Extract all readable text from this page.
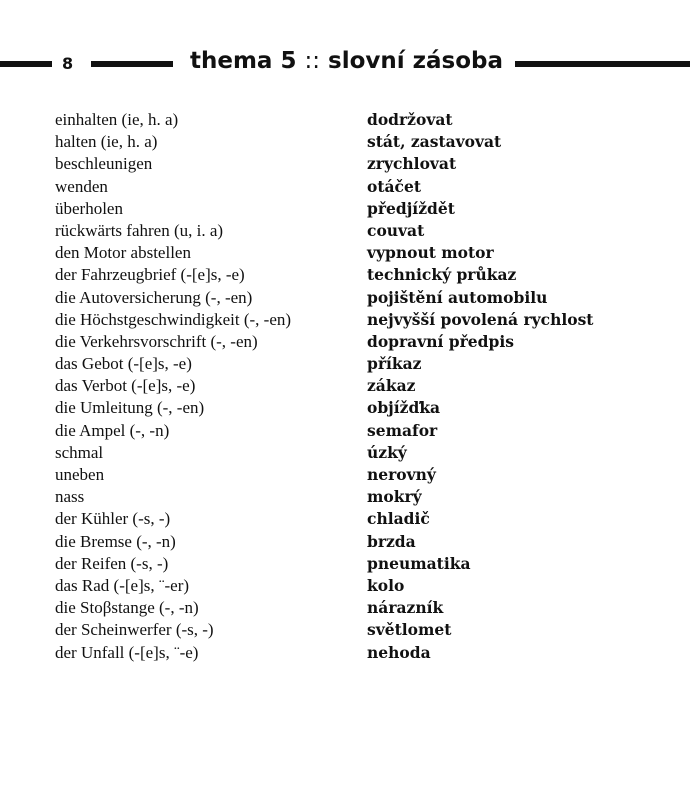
8	thema 5 :: slovní zásoba
einhalten (ie, h. a)	dodržovat
halten (ie, h. a)	stát, zastavovat
beschleunigen	zrychlovat
wenden	otáčet
überholen	předjíždět
rückwärts fahren (u, i. a)	couvat
den Motor abstellen	vypnout motor
der Fahrzeugbrief (-[e]s, -e)	technický průkaz
die Autoversicherung (-, -en)	pojištění automobilu
die Höchstgeschwindigkeit (-, -en)	nejvyšší povolená rychlost
die Verkehrsvorschrift (-, -en)	dopravní předpis
das Gebot (-[e]s, -e)	příkaz
das Verbot (-[e]s, -e)	zákaz
die Umleitung (-, -en)	objížďka
die Ampel (-, -n)	semafor
schmal	úzký
uneben	nerovný
nass	mokrý
der Kühler (-s, -)	chladič
die Bremse (-, -n)	brzda
der Reifen (-s, -)	pneumatika
das Rad (-[e]s, ¨-er)	kolo
die Stoβstange (-, -n)	nárazník
der Scheinwerfer (-s, -)	světlomet
der Unfall (-[e]s, ¨-e)	nehoda
